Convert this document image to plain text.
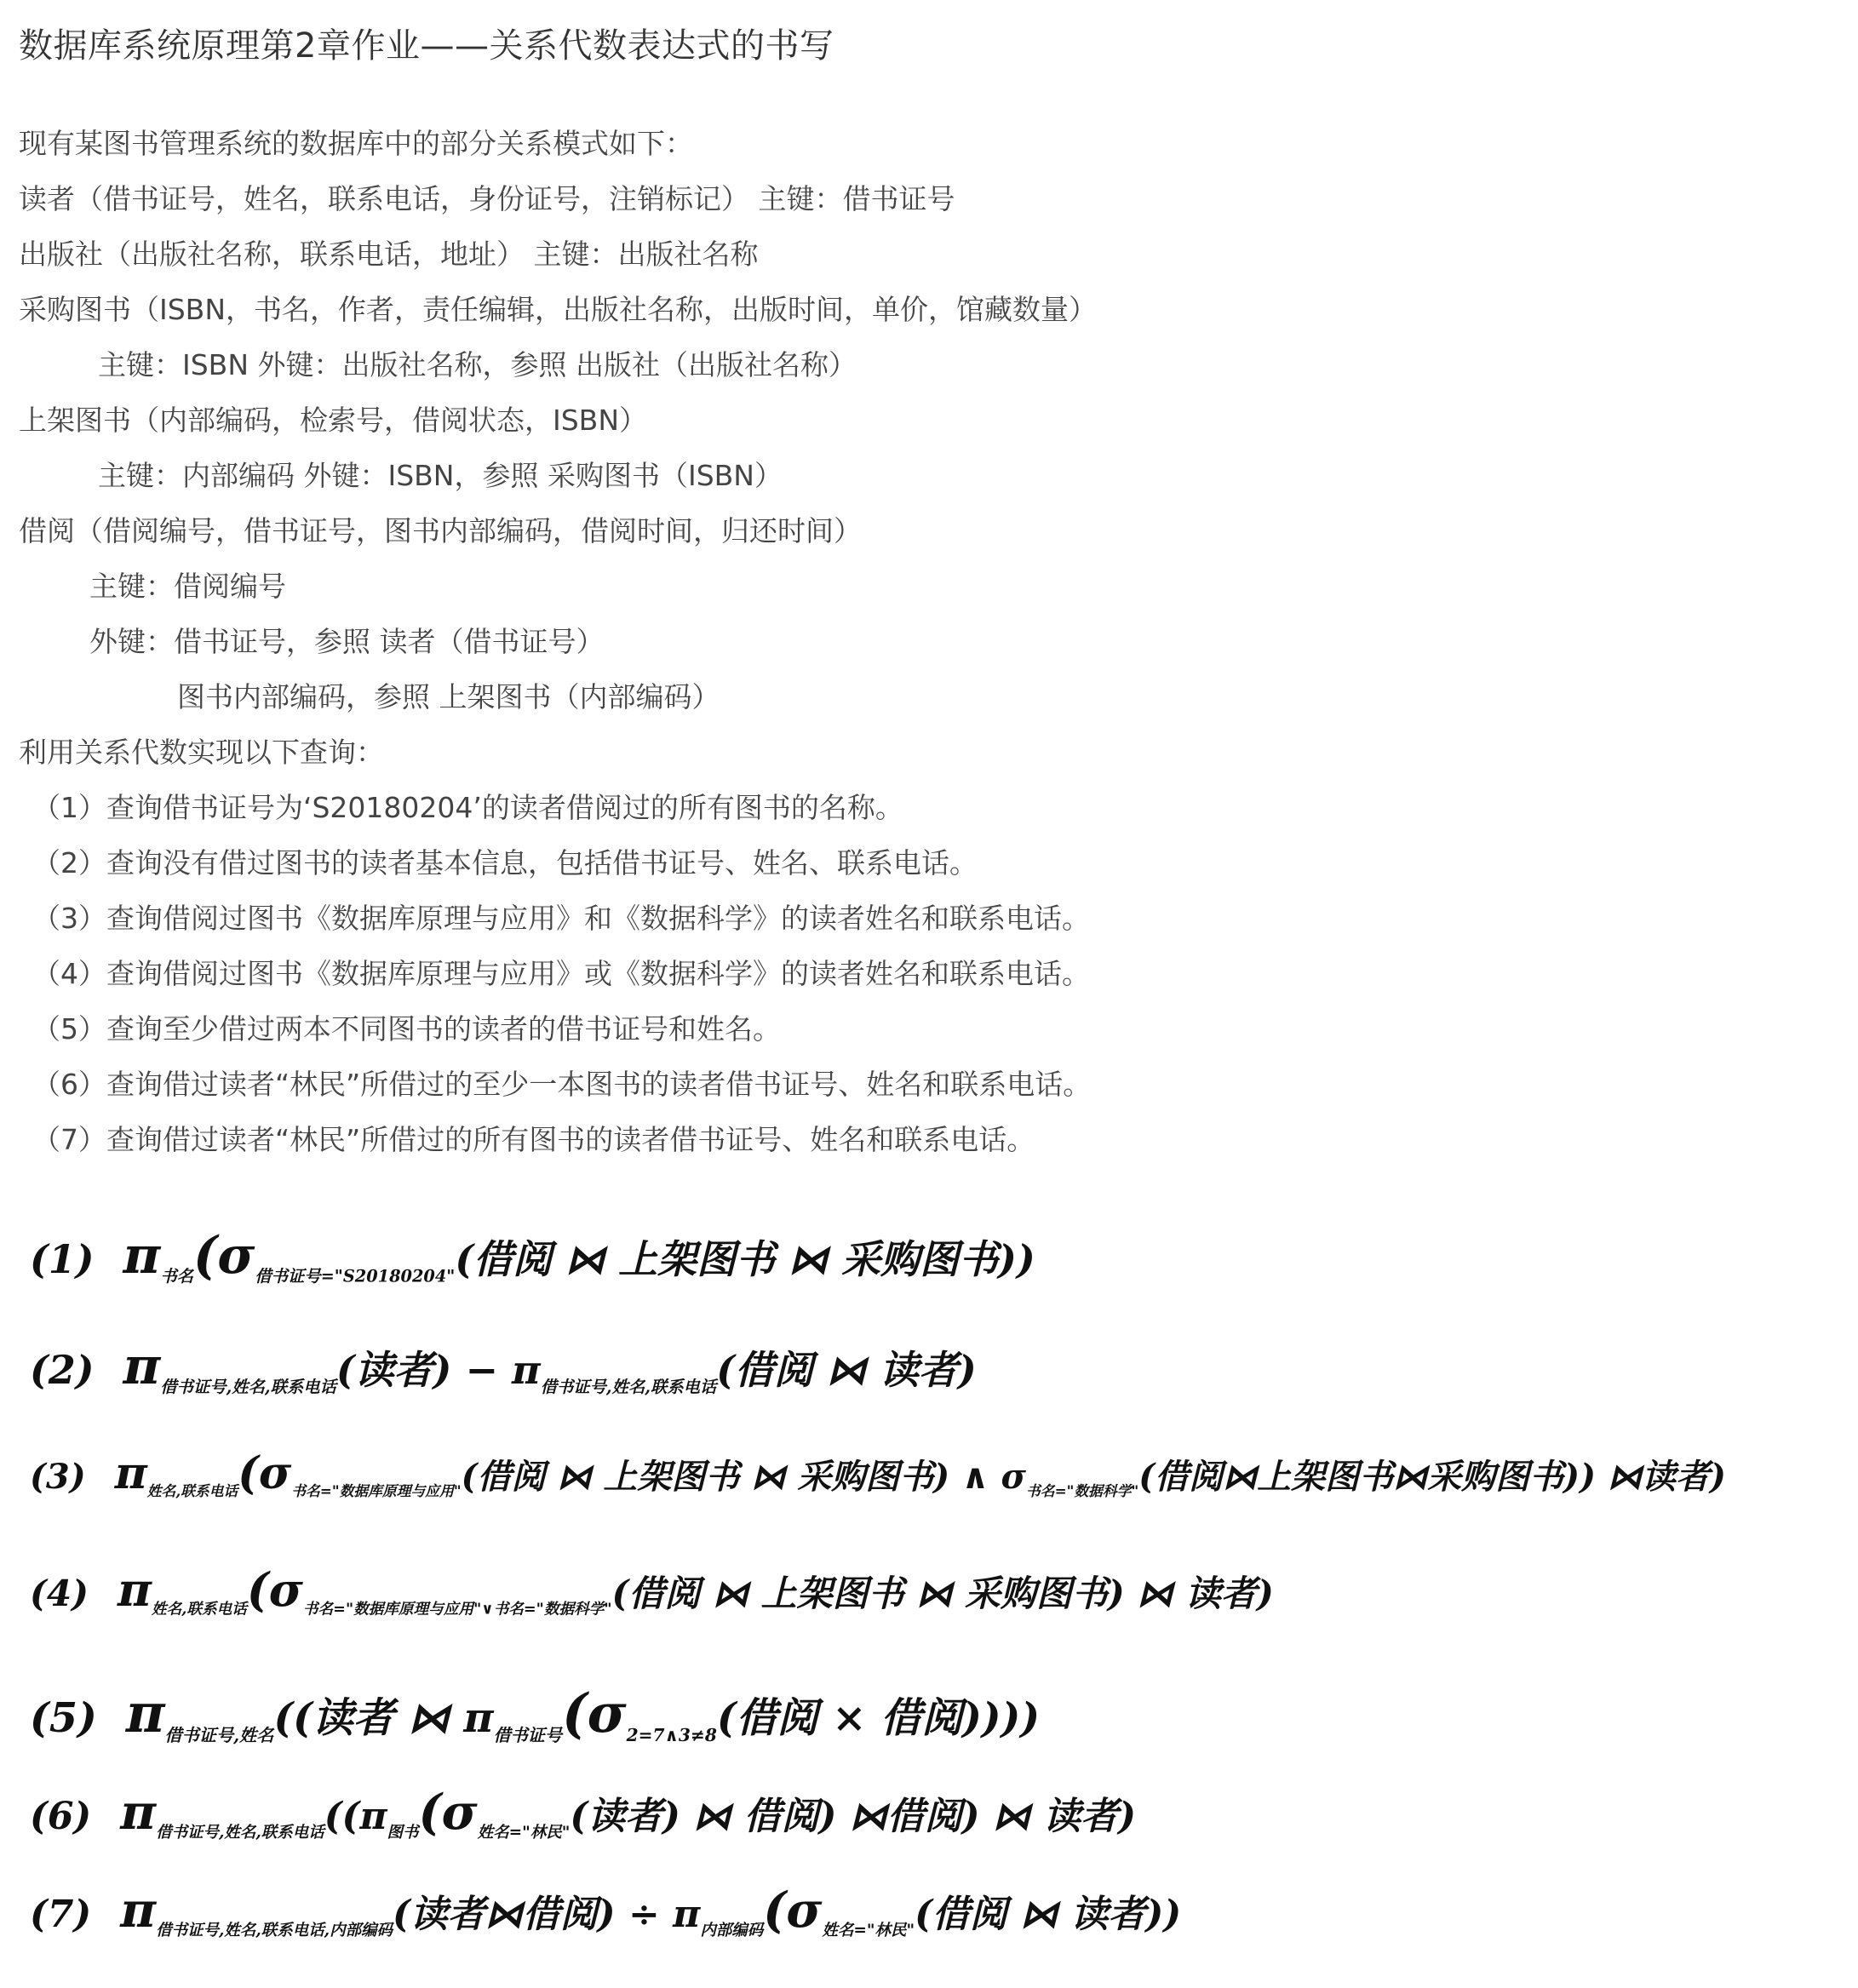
数据库系统原理第2章作业——关系代数表达式的书写
现有某图书管理系统的数据库中的部分关系模式如下：
读者（借书证号，姓名，联系电话，身份证号，注销标记） 主键：借书证号
出版社（出版社名称，联系电话，地址） 主键：出版社名称
采购图书（ISBN，书名，作者，责任编辑，出版社名称，出版时间，单价，馆藏数量）
主键：ISBN 外键：出版社名称，参照 出版社（出版社名称）
上架图书（内部编码，检索号，借阅状态，ISBN）
主键：内部编码 外键：ISBN，参照 采购图书（ISBN）
借阅（借阅编号，借书证号，图书内部编码，借阅时间，归还时间）
主键：借阅编号
外键：借书证号，参照 读者（借书证号）
图书内部编码，参照 上架图书（内部编码）
利用关系代数实现以下查询：
（1）查询借书证号为‘S20180204’的读者借阅过的所有图书的名称。
（2）查询没有借过图书的读者基本信息，包括借书证号、姓名、联系电话。
（3）查询借阅过图书《数据库原理与应用》和《数据科学》的读者姓名和联系电话。
（4）查询借阅过图书《数据库原理与应用》或《数据科学》的读者姓名和联系电话。
（5）查询至少借过两本不同图书的读者的借书证号和姓名。
（6）查询借过读者“林民”所借过的至少一本图书的读者借书证号、姓名和联系电话。
（7）查询借过读者“林民”所借过的所有图书的读者借书证号、姓名和联系电话。
(1) $\pi_{书名}(\sigma_{借书证号="S20180204"}$(借阅 ⋈ 上架图书 ⋈ 采购图书))
(2) $\pi_{借书证号,姓名,联系电话}$(读者) − $\pi_{借书证号,姓名,联系电话}$(借阅 ⋈ 读者)
(3) $\pi_{姓名,联系电话}(\sigma_{书名="数据库原理与应用"}$(借阅 ⋈ 上架图书 ⋈ 采购图书) ∧ $\sigma_{书名="数据科学"}$(借阅⋈上架图书⋈采购图书)) ⋈读者)
(4) $\pi_{姓名,联系电话}(\sigma_{书名="数据库原理与应用"\vee 书名="数据科学"}$(借阅 ⋈ 上架图书 ⋈ 采购图书) ⋈ 读者)
(5) $\pi_{借书证号,姓名}$((读者 ⋈ $\pi_{借书证号}(\sigma_{2=7\wedge 3\ne 8}$(借阅 × 借阅))))
(6) $\pi_{借书证号,姓名,联系电话}((\pi_{图书}(\sigma_{姓名="林民"}$(读者) ⋈ 借阅) ⋈借阅) ⋈ 读者)
(7) $\pi_{借书证号,姓名,联系电话,内部编码}$(读者⋈借阅) ÷ $\pi_{内部编码}(\sigma_{姓名="林民"}$(借阅 ⋈ 读者))
